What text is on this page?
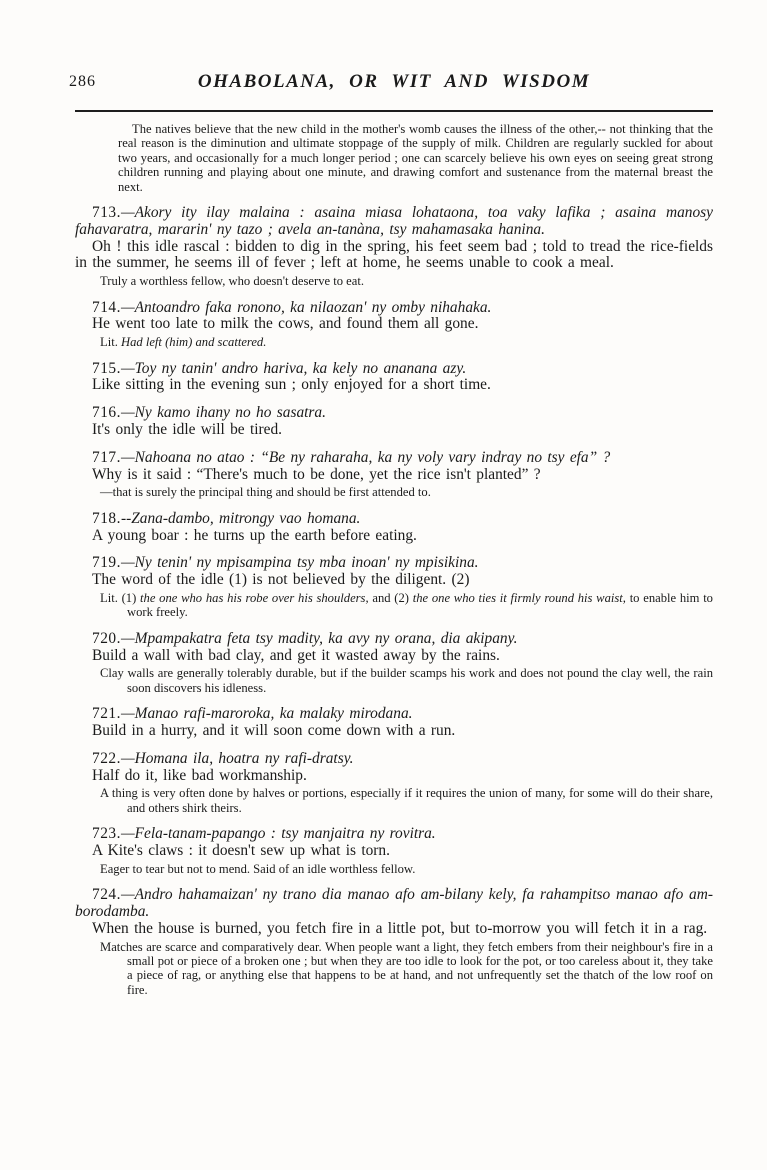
286	OHABOLANA, OR WIT AND WISDOM

The natives believe that the new child in the mother's womb causes the illness of the other,-- not thinking that the real reason is the diminution and ultimate stoppage of the supply of milk. Children are regularly suckled for about two years, and occasionally for a much longer period ; one can scarcely believe his own eyes on seeing great strong children running and playing about one minute, and drawing comfort and sustenance from the maternal breast the next.

713.—Akory ity ilay malaina : asaina miasa lohataona, toa vaky lafika ; asaina manosy fahavaratra, mararin' ny tazo ; avela an-tanàna, tsy mahamasaka hanina.

Oh ! this idle rascal : bidden to dig in the spring, his feet seem bad ; told to tread the rice-fields in the summer, he seems ill of fever ; left at home, he seems unable to cook a meal.

Truly a worthless fellow, who doesn't deserve to eat.

714.—Antoandro faka ronono, ka nilaozan' ny omby nihahaka.

He went too late to milk the cows, and found them all gone.

Lit. Had left (him) and scattered.

715.—Toy ny tanin' andro hariva, ka kely no ananana azy.

Like sitting in the evening sun ; only enjoyed for a short time.

716.—Ny kamo ihany no ho sasatra.

It's only the idle will be tired.

717.—Nahoana no atao : “Be ny raharaha, ka ny voly vary indray no tsy efa” ?

Why is it said : “There's much to be done, yet the rice isn't planted” ?

—that is surely the principal thing and should be first attended to.

718.--Zana-dambo, mitrongy vao homana.

A young boar : he turns up the earth before eating.

719.—Ny tenin' ny mpisampina tsy mba inoan' ny mpisikina.

The word of the idle (1) is not believed by the diligent. (2)

Lit. (1) the one who has his robe over his shoulders, and (2) the one who ties it firmly round his waist, to enable him to work freely.

720.—Mpampakatra feta tsy madity, ka avy ny orana, dia akipany.

Build a wall with bad clay, and get it wasted away by the rains.

Clay walls are generally tolerably durable, but if the builder scamps his work and does not pound the clay well, the rain soon discovers his idleness.

721.—Manao rafi-maroroka, ka malaky mirodana.

Build in a hurry, and it will soon come down with a run.

722.—Homana ila, hoatra ny rafi-dratsy.

Half do it, like bad workmanship.

A thing is very often done by halves or portions, especially if it requires the union of many, for some will do their share, and others shirk theirs.

723.—Fela-tanam-papango : tsy manjaitra ny rovitra.

A Kite's claws : it doesn't sew up what is torn.

Eager to tear but not to mend. Said of an idle worthless fellow.

724.—Andro hahamaizan' ny trano dia manao afo am-bilany kely, fa rahampitso manao afo am-borodamba.

When the house is burned, you fetch fire in a little pot, but to-morrow you will fetch it in a rag.

Matches are scarce and comparatively dear. When people want a light, they fetch embers from their neighbour's fire in a small pot or piece of a broken one ; but when they are too idle to look for the pot, or too careless about it, they take a piece of rag, or anything else that happens to be at hand, and not unfrequently set the thatch of the low roof on fire.
